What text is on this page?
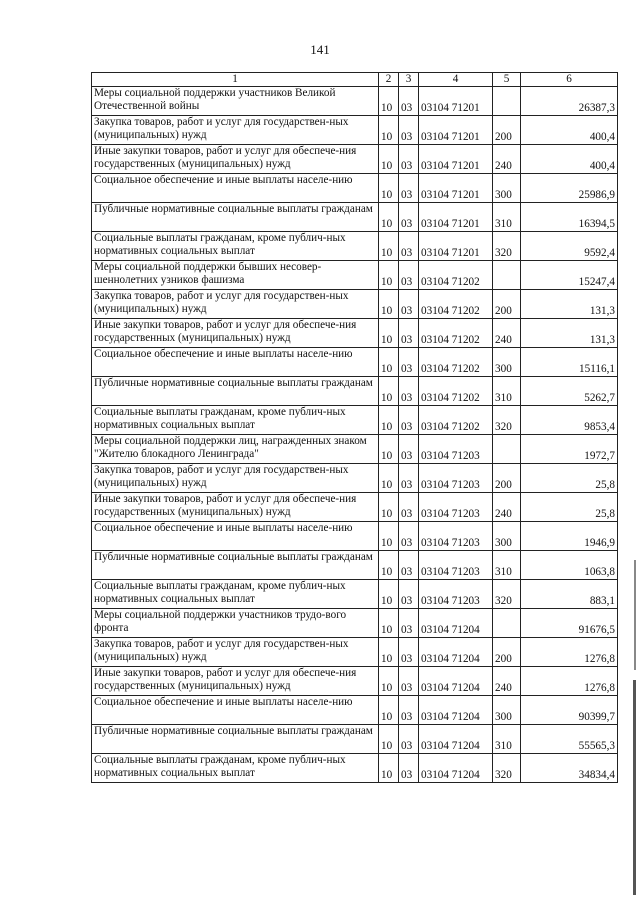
141
1	2	3	4	5	6
Меры социальной поддержки участников Великой Отечественной войны	10	03	03104 71201		26387,3
Закупка товаров, работ и услуг для государствен-ных (муниципальных) нужд	10	03	03104 71201	200	400,4
Иные закупки товаров, работ и услуг для обеспече-ния государственных (муниципальных) нужд	10	03	03104 71201	240	400,4
Социальное обеспечение и иные выплаты населе-нию	10	03	03104 71201	300	25986,9
Публичные нормативные социальные выплаты гражданам	10	03	03104 71201	310	16394,5
Социальные выплаты гражданам, кроме публич-ных нормативных социальных выплат	10	03	03104 71201	320	9592,4
Меры социальной поддержки бывших несовер-шеннолетних узников фашизма	10	03	03104 71202		15247,4
Закупка товаров, работ и услуг для государствен-ных (муниципальных) нужд	10	03	03104 71202	200	131,3
Иные закупки товаров, работ и услуг для обеспече-ния государственных (муниципальных) нужд	10	03	03104 71202	240	131,3
Социальное обеспечение и иные выплаты населе-нию	10	03	03104 71202	300	15116,1
Публичные нормативные социальные выплаты гражданам	10	03	03104 71202	310	5262,7
Социальные выплаты гражданам, кроме публич-ных нормативных социальных выплат	10	03	03104 71202	320	9853,4
Меры социальной поддержки лиц, награжденных знаком "Жителю блокадного Ленинграда"	10	03	03104 71203		1972,7
Закупка товаров, работ и услуг для государствен-ных (муниципальных) нужд	10	03	03104 71203	200	25,8
Иные закупки товаров, работ и услуг для обеспече-ния государственных (муниципальных) нужд	10	03	03104 71203	240	25,8
Социальное обеспечение и иные выплаты населе-нию	10	03	03104 71203	300	1946,9
Публичные нормативные социальные выплаты гражданам	10	03	03104 71203	310	1063,8
Социальные выплаты гражданам, кроме публич-ных нормативных социальных выплат	10	03	03104 71203	320	883,1
Меры социальной поддержки участников трудо-вого фронта	10	03	03104 71204		91676,5
Закупка товаров, работ и услуг для государствен-ных (муниципальных) нужд	10	03	03104 71204	200	1276,8
Иные закупки товаров, работ и услуг для обеспече-ния государственных (муниципальных) нужд	10	03	03104 71204	240	1276,8
Социальное обеспечение и иные выплаты населе-нию	10	03	03104 71204	300	90399,7
Публичные нормативные социальные выплаты гражданам	10	03	03104 71204	310	55565,3
Социальные выплаты гражданам, кроме публич-ных нормативных социальных выплат	10	03	03104 71204	320	34834,4
